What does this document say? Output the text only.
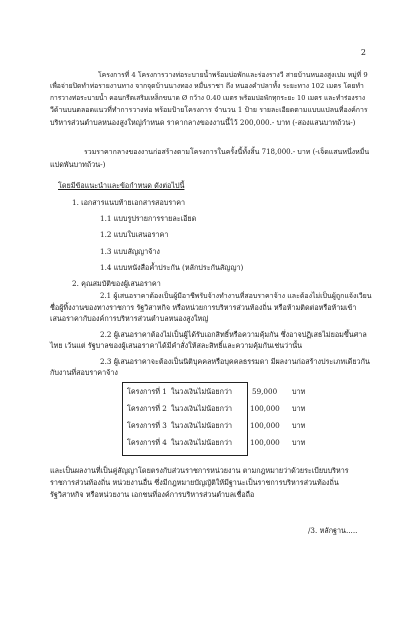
2
โครงการที่ 4 โครงการวางท่อระบายน้ำพร้อมบ่อพักและร่องรางวี สายบ้านหนองสูงเปม หมู่ที่ 9
เพื่อจ่ายปิดทำท่อรายงานทาง จากจุดบ้านนางทอง หมื่นราชา ถึง หนองคำปลาทั้ง ระยะทาง 102 เมตร โดยทำ
การวางท่อระบายน้ำ คอนกรีตเสริมเหล็กขนาด Ø กว้าง 0.40 เมตร พร้อมบ่อพักทุกระยะ 10 เมตร และทำร่องราง
วีด้านบนตลอดแนวที่ทำการวางท่อ พร้อมป้ายโครงการ จำนวน 1 ป้าย รายละเอียดตามแบบแปลนที่องค์การ
บริหารส่วนตำบลหนองสูงใหญ่กำหนด ราคากลางของงานนี้ไว้ 200,000.- บาท (-สองแสนบาทถ้วน-)
รวมราคากลางของงานก่อสร้างตามโครงการในครั้งนี้ทั้งสิ้น 718,000.- บาท (-เจ็ดแสนหนึ่งหมื่น
แปดพันบาทถ้วน-)
โดยมีข้อแนะนำและข้อกำหนด ดังต่อไปนี้
1. เอกสารแนบท้ายเอกสารสอบราคา
1.1 แบบรูปรายการรายละเอียด
1.2 แบบใบเสนอราคา
1.3 แบบสัญญาจ้าง
1.4 แบบหนังสือค้ำประกัน (หลักประกันสัญญา)
2. คุณสมบัติของผู้เสนอราคา
2.1 ผู้เสนอราคาต้องเป็นผู้มีอาชีพรับจ้างทำงานที่สอบราคาจ้าง และต้องไม่เป็นผู้ถูกแจ้งเวียน
ชื่อผู้ทิ้งงานของทางราชการ รัฐวิสาหกิจ หรือหน่วยการบริหารส่วนท้องถิ่น หรือห้ามติดต่อหรือห้ามเข้า
เสนอราคากับองค์การบริหารส่วนตำบลหนองสูงใหญ่
2.2 ผู้เสนอราคาต้องไม่เป็นผู้ได้รับเอกสิทธิ์หรือความคุ้มกัน ซึ่งอาจปฏิเสธไม่ยอมขึ้นศาล
ไทย เว้นแต่ รัฐบาลของผู้เสนอราคาได้มีคำสั่งให้สละสิทธิ์และความคุ้มกันเช่นว่านั้น
2.3 ผู้เสนอราคาจะต้องเป็นนิติบุคคลหรือบุคคลธรรมดา มีผลงานก่อสร้างประเภทเดียวกัน
กับงานที่สอบราคาจ้าง
โครงการที่ 1 ในวงเงินไม่น้อยกว่า	59,000 บาท
โครงการที่ 2 ในวงเงินไม่น้อยกว่า 100,000 บาท
โครงการที่ 3 ในวงเงินไม่น้อยกว่า 100,000 บาท
โครงการที่ 4 ในวงเงินไม่น้อยกว่า 100,000 บาท
และเป็นผลงานที่เป็นคู่สัญญาโดยตรงกับส่วนราชการหน่วยงาน ตามกฎหมายว่าด้วยระเบียบบริหาร
ราชการส่วนท้องถิ่น หน่วยงานอื่น ซึ่งมีกฎหมายบัญญัติให้มีฐานะเป็นราชการบริหารส่วนท้องถิ่น
รัฐวิสาหกิจ หรือหน่วยงาน เอกชนที่องค์การบริหารส่วนตำบลเชื่อถือ
/3. หลักฐาน.....
